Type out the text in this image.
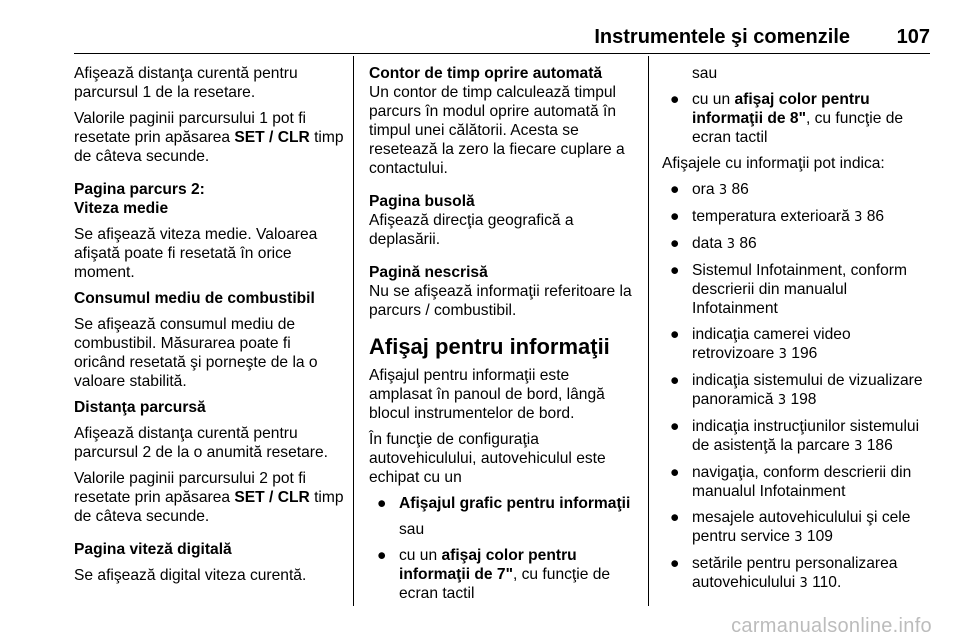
Instrumentele şi comenzile 107

Afişează distanţa curentă pentru parcursul 1 de la resetare.

Valorile paginii parcursului 1 pot fi resetate prin apăsarea SET / CLR timp de câteva secunde.

Pagina parcurs 2:
Viteza medie

Se afişează viteza medie. Valoarea afişată poate fi resetată în orice moment.

Consumul mediu de combustibil

Se afişează consumul mediu de combustibil. Măsurarea poate fi oricând resetată şi porneşte de la o valoare stabilită.

Distanţa parcursă

Afişează distanţa curentă pentru parcursul 2 de la o anumită resetare.

Valorile paginii parcursului 2 pot fi resetate prin apăsarea SET / CLR timp de câteva secunde.

Pagina viteză digitală

Se afişează digital viteza curentă.

Contor de timp oprire automată

Un contor de timp calculează timpul parcurs în modul oprire automată în timpul unei călătorii. Acesta se resetează la zero la fiecare cuplare a contactului.

Pagina busolă
Afişează direcţia geografică a deplasării.

Pagină nescrisă
Nu se afişează informaţii referitoare la parcurs / combustibil.

Afişaj pentru informaţii

Afişajul pentru informaţii este amplasat în panoul de bord, lângă blocul instrumentelor de bord.

În funcţie de configuraţia autovehiculului, autovehiculul este echipat cu un

● Afişajul grafic pentru informaţii

sau

● cu un afişaj color pentru informaţii de 7", cu funcţie de ecran tactil

sau

● cu un afişaj color pentru informaţii de 8", cu funcţie de ecran tactil

Afişajele cu informaţii pot indica:

● ora 3 86
● temperatura exterioară 3 86
● data 3 86
● Sistemul Infotainment, conform descrierii din manualul Infotainment
● indicaţia camerei video retrovizoare 3 196
● indicaţia sistemului de vizualizare panoramică 3 198
● indicaţia instrucţiunilor sistemului de asistenţă la parcare 3 186
● navigaţia, conform descrierii din manualul Infotainment
● mesajele autovehiculului şi cele pentru service 3 109
● setările pentru personalizarea autovehiculului 3 110.
carmanualsonline.info
